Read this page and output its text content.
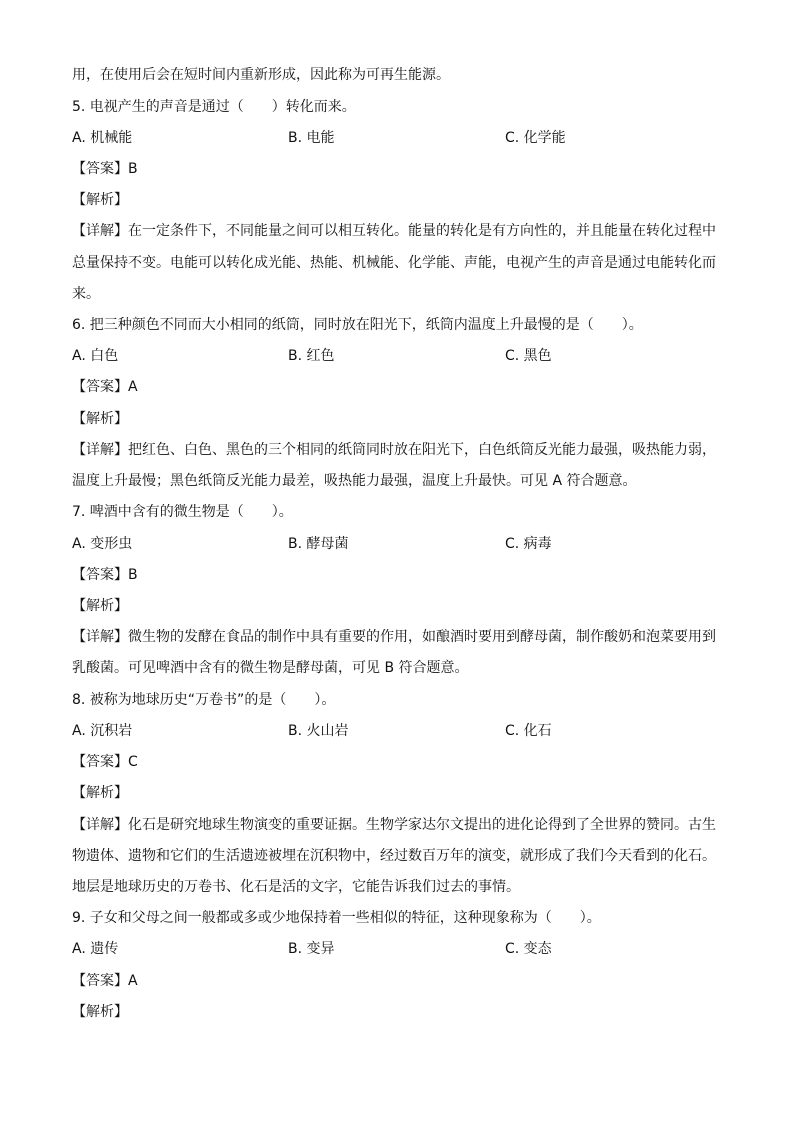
用，在使用后会在短时间内重新形成，因此称为可再生能源。
5. 电视产生的声音是通过（　　）转化而来。
A. 机械能	B. 电能	C. 化学能
【答案】B
【解析】
【详解】在一定条件下，不同能量之间可以相互转化。能量的转化是有方向性的，并且能量在转化过程中
总量保持不变。电能可以转化成光能、热能、机械能、化学能、声能，电视产生的声音是通过电能转化而
来。
6. 把三种颜色不同而大小相同的纸筒，同时放在阳光下，纸筒内温度上升最慢的是（　　）。
A. 白色	B. 红色	C. 黑色
【答案】A
【解析】
【详解】把红色、白色、黑色的三个相同的纸筒同时放在阳光下，白色纸筒反光能力最强，吸热能力弱，
温度上升最慢；黑色纸筒反光能力最差，吸热能力最强，温度上升最快。可见 A 符合题意。
7. 啤酒中含有的微生物是（　　）。
A. 变形虫	B. 酵母菌	C. 病毒
【答案】B
【解析】
【详解】微生物的发酵在食品的制作中具有重要的作用，如酿酒时要用到酵母菌，制作酸奶和泡菜要用到
乳酸菌。可见啤酒中含有的微生物是酵母菌，可见 B 符合题意。
8. 被称为地球历史“万卷书”的是（　　）。
A. 沉积岩	B. 火山岩	C. 化石
【答案】C
【解析】
【详解】化石是研究地球生物演变的重要证据。生物学家达尔文提出的进化论得到了全世界的赞同。古生
物遗体、遗物和它们的生活遗迹被埋在沉积物中，经过数百万年的演变，就形成了我们今天看到的化石。
地层是地球历史的万卷书、化石是活的文字，它能告诉我们过去的事情。
9. 子女和父母之间一般都或多或少地保持着一些相似的特征，这种现象称为（　　）。
A. 遗传	B. 变异	C. 变态
【答案】A
【解析】
